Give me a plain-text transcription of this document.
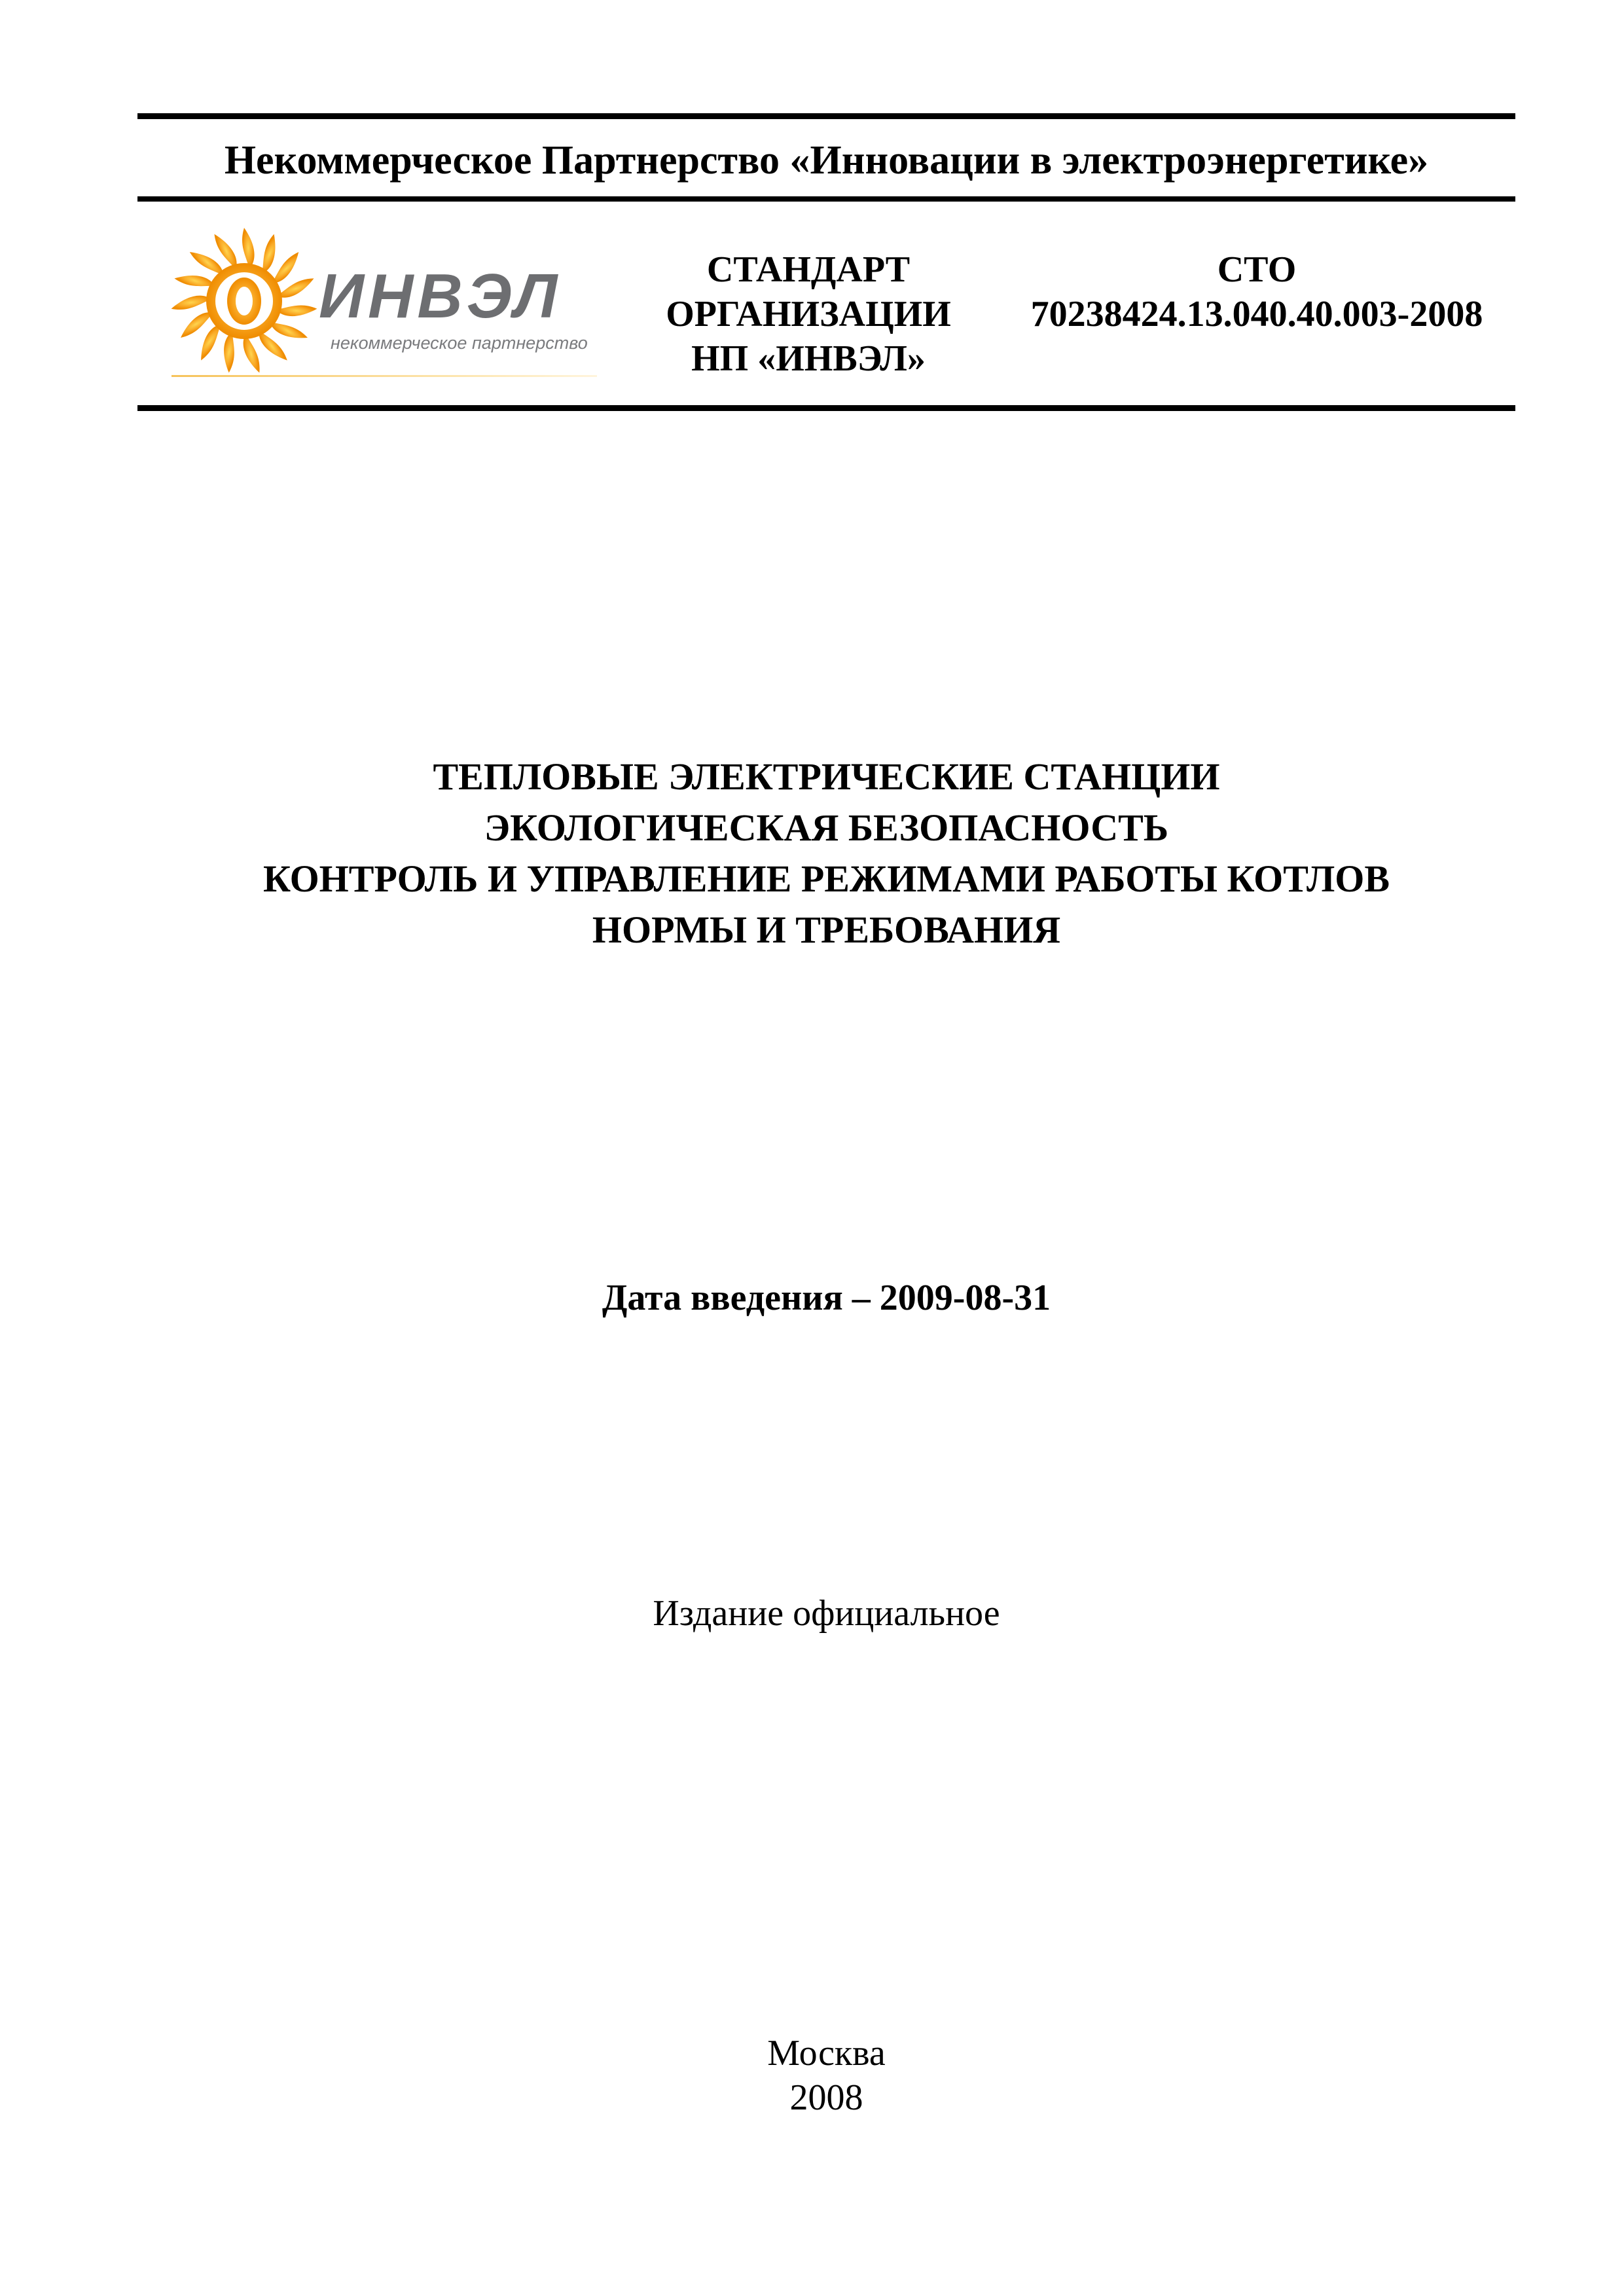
Некоммерческое Партнерство «Инновации в электроэнергетике»
ИНВЭЛ
некоммерческое партнерство
СТАНДАРТ
ОРГАНИЗАЦИИ
НП «ИНВЭЛ»
СТО
70238424.13.040.40.003-2008
ТЕПЛОВЫЕ ЭЛЕКТРИЧЕСКИЕ СТАНЦИИ
ЭКОЛОГИЧЕСКАЯ БЕЗОПАСНОСТЬ
КОНТРОЛЬ И УПРАВЛЕНИЕ РЕЖИМАМИ РАБОТЫ КОТЛОВ
НОРМЫ И ТРЕБОВАНИЯ
Дата введения – 2009-08-31
Издание официальное
Москва
2008
